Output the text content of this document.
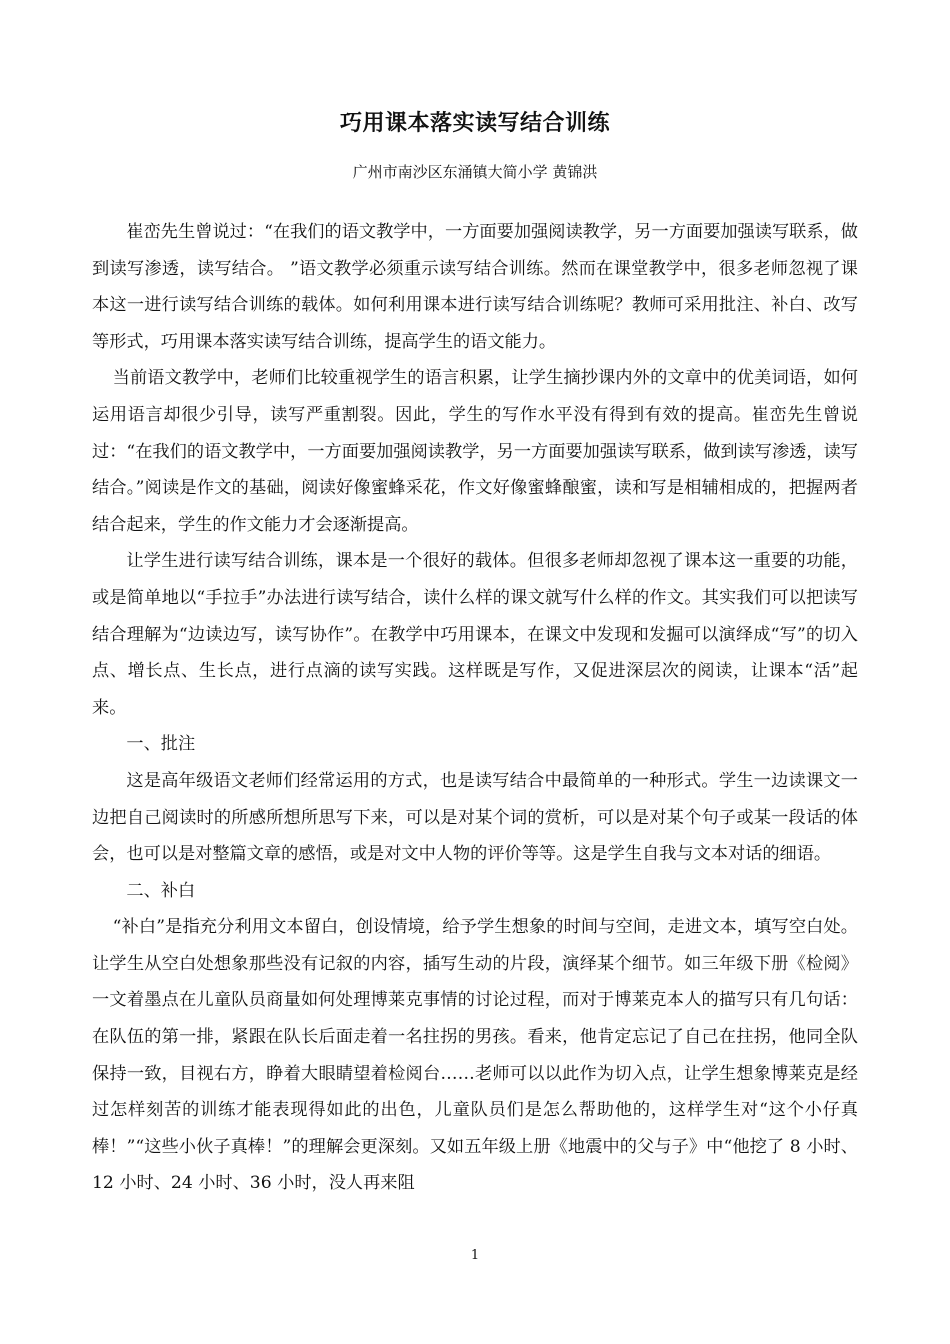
巧用课本落实读写结合训练

广州市南沙区东涌镇大简小学 黄锦洪

崔峦先生曾说过：“在我们的语文教学中，一方面要加强阅读教学，另一方面要加强读写联系，做到读写渗透，读写结合。 ”语文教学必须重示读写结合训练。然而在课堂教学中，很多老师忽视了课本这一进行读写结合训练的载体。如何利用课本进行读写结合训练呢？教师可采用批注、补白、改写等形式，巧用课本落实读写结合训练，提高学生的语文能力。

当前语文教学中，老师们比较重视学生的语言积累，让学生摘抄课内外的文章中的优美词语，如何运用语言却很少引导，读写严重割裂。因此，学生的写作水平没有得到有效的提高。崔峦先生曾说过：“在我们的语文教学中，一方面要加强阅读教学，另一方面要加强读写联系，做到读写渗透，读写结合。”阅读是作文的基础，阅读好像蜜蜂采花，作文好像蜜蜂酿蜜，读和写是相辅相成的，把握两者结合起来，学生的作文能力才会逐渐提高。

让学生进行读写结合训练，课本是一个很好的载体。但很多老师却忽视了课本这一重要的功能，或是简单地以“手拉手”办法进行读写结合，读什么样的课文就写什么样的作文。其实我们可以把读写结合理解为“边读边写，读写协作”。在教学中巧用课本，在课文中发现和发掘可以演绎成“写”的切入点、增长点、生长点，进行点滴的读写实践。这样既是写作，又促进深层次的阅读，让课本“活”起来。

一、批注

这是高年级语文老师们经常运用的方式，也是读写结合中最简单的一种形式。学生一边读课文一边把自己阅读时的所感所想所思写下来，可以是对某个词的赏析，可以是对某个句子或某一段话的体会，也可以是对整篇文章的感悟，或是对文中人物的评价等等。这是学生自我与文本对话的细语。

二、补白

“补白”是指充分利用文本留白，创设情境，给予学生想象的时间与空间，走进文本，填写空白处。让学生从空白处想象那些没有记叙的内容，插写生动的片段，演绎某个细节。如三年级下册《检阅》一文着墨点在儿童队员商量如何处理博莱克事情的讨论过程，而对于博莱克本人的描写只有几句话：在队伍的第一排，紧跟在队长后面走着一名拄拐的男孩。看来，他肯定忘记了自己在拄拐，他同全队保持一致，目视右方，睁着大眼睛望着检阅台……老师可以以此作为切入点，让学生想象博莱克是经过怎样刻苦的训练才能表现得如此的出色，儿童队员们是怎么帮助他的，这样学生对“这个小仔真棒！”“这些小伙子真棒！”的理解会更深刻。又如五年级上册《地震中的父与子》中“他挖了 8 小时、12 小时、24 小时、36 小时，没人再来阻

1
